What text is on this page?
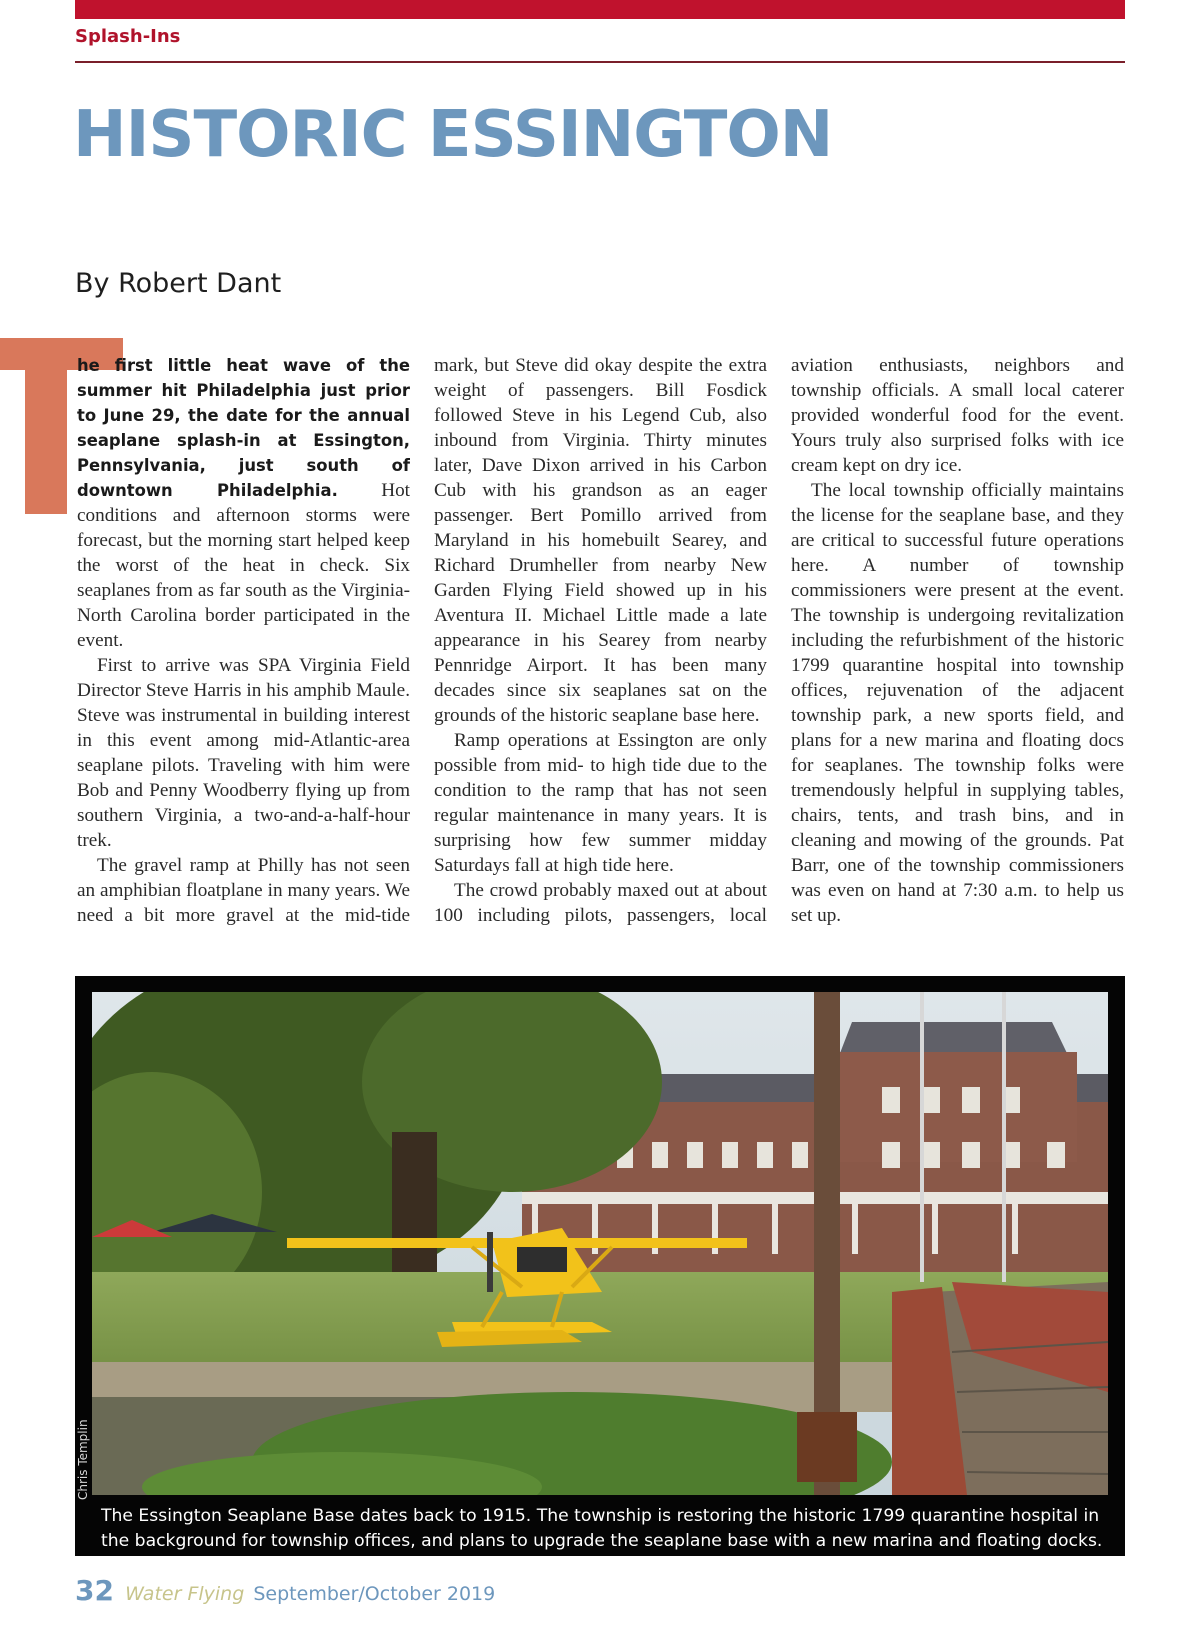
Splash-Ins
HISTORIC ESSINGTON
By Robert Dant

he first little heat wave of the summer hit Philadelphia just prior to June 29, the date for the annual seaplane splash-in at Essington, Pennsylvania, just south of downtown Philadelphia. Hot conditions and afternoon storms were forecast, but the morning start helped keep the worst of the heat in check. Six seaplanes from as far south as the Virginia-North Carolina border participated in the event.

First to arrive was SPA Virginia Field Director Steve Harris in his amphib Maule. Steve was instrumental in building interest in this event among mid-Atlantic-area seaplane pilots. Traveling with him were Bob and Penny Woodberry flying up from southern Virginia, a two-and-a-half-hour trek.

The gravel ramp at Philly has not seen an amphibian floatplane in many years. We need a bit more gravel at the mid-tide

mark, but Steve did okay despite the extra weight of passengers. Bill Fosdick followed Steve in his Legend Cub, also inbound from Virginia. Thirty minutes later, Dave Dixon arrived in his Carbon Cub with his grandson as an eager passenger. Bert Pomillo arrived from Maryland in his homebuilt Searey, and Richard Drumheller from nearby New Garden Flying Field showed up in his Aventura II. Michael Little made a late appearance in his Searey from nearby Pennridge Airport. It has been many decades since six seaplanes sat on the grounds of the historic seaplane base here.

Ramp operations at Essington are only possible from mid- to high tide due to the condition to the ramp that has not seen regular maintenance in many years. It is surprising how few summer midday Saturdays fall at high tide here.

The crowd probably maxed out at about 100 including pilots, passengers, local

aviation enthusiasts, neighbors and township officials. A small local caterer provided wonderful food for the event. Yours truly also surprised folks with ice cream kept on dry ice.

The local township officially maintains the license for the seaplane base, and they are critical to successful future operations here. A number of township commissioners were present at the event. The township is undergoing revitalization including the refurbishment of the historic 1799 quarantine hospital into township offices, rejuvenation of the adjacent township park, a new sports field, and plans for a new marina and floating docs for seaplanes. The township folks were tremendously helpful in supplying tables, chairs, tents, and trash bins, and in cleaning and mowing of the grounds. Pat Barr, one of the township commissioners was even on hand at 7:30 a.m. to help us set up.

The Essington Seaplane Base dates back to 1915. The township is restoring the historic 1799 quarantine hospital in the background for township offices, and plans to upgrade the seaplane base with a new marina and floating docks.
32 Water Flying September/October 2019
